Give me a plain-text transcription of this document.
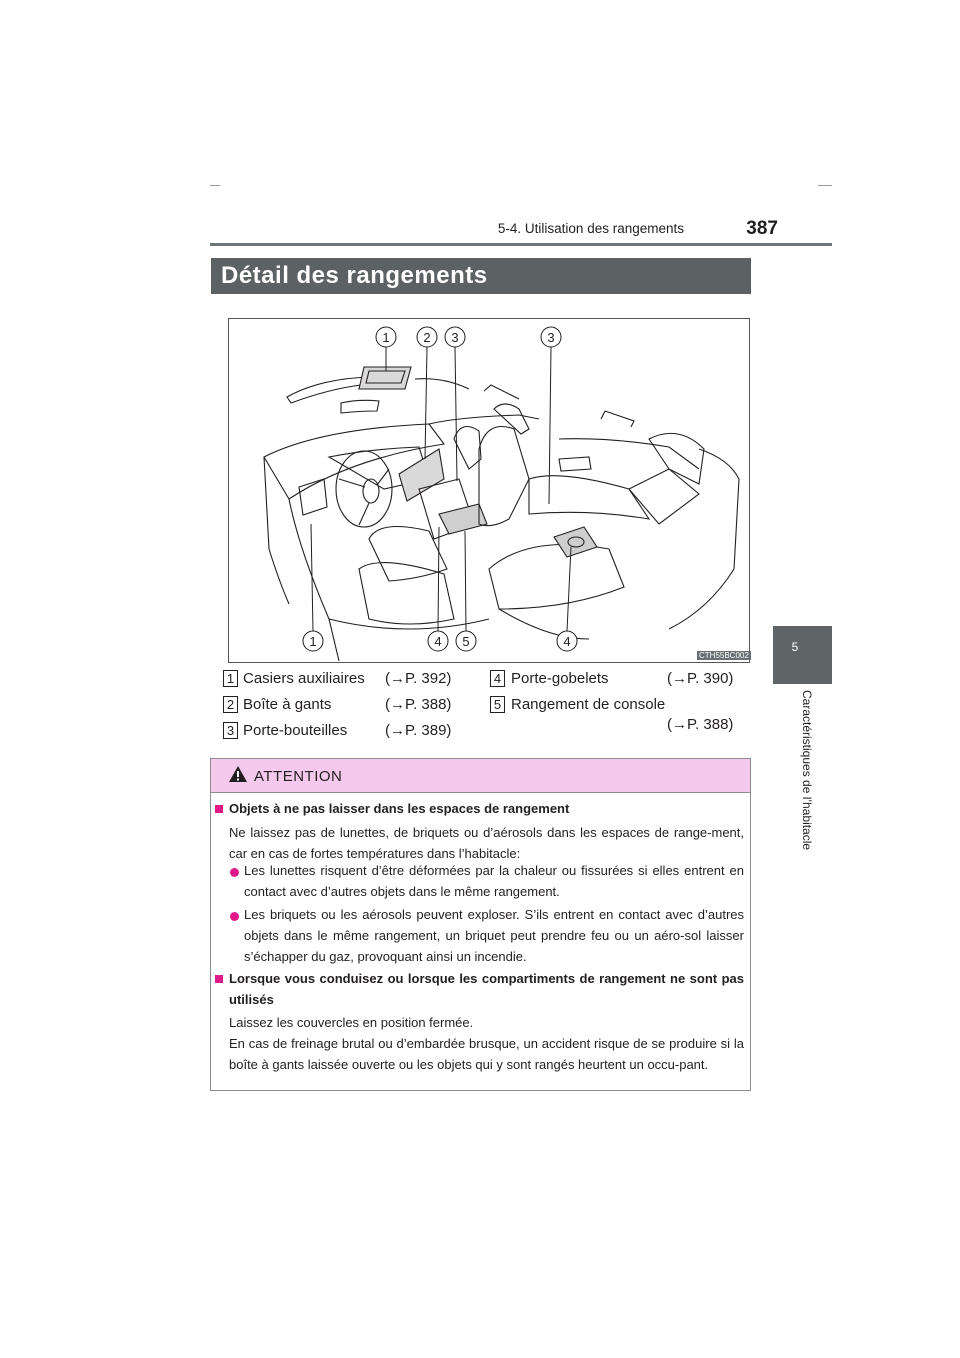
5-4. Utilisation des rangements	387
5
Caractéristiques de l’habitacle
Détail des rangements
1	2 3	3
1	4 5	4
CTH55BC002
1 Casiers auxiliaires (→P. 392)
2 Boîte à gants	(→P. 388)
3 Porte-bouteilles	(→P. 389)
4 Porte-gobelets	(→P. 390)
5 Rangement de console
(→P. 388)
ATTENTION
Objets à ne pas laisser dans les espaces de rangement
Ne laissez pas de lunettes, de briquets ou d’aérosols dans les espaces de range-ment, car en cas de fortes températures dans l’habitacle:
Les lunettes risquent d’être déformées par la chaleur ou fissurées si elles entrent en contact avec d’autres objets dans le même rangement.
Les briquets ou les aérosols peuvent exploser. S’ils entrent en contact avec d’autres objets dans le même rangement, un briquet peut prendre feu ou un aéro-sol laisser s’échapper du gaz, provoquant ainsi un incendie.
Lorsque vous conduisez ou lorsque les compartiments de rangement ne sont pas utilisés
Laissez les couvercles en position fermée.
En cas de freinage brutal ou d’embardée brusque, un accident risque de se produire si la boîte à gants laissée ouverte ou les objets qui y sont rangés heurtent un occu-pant.
